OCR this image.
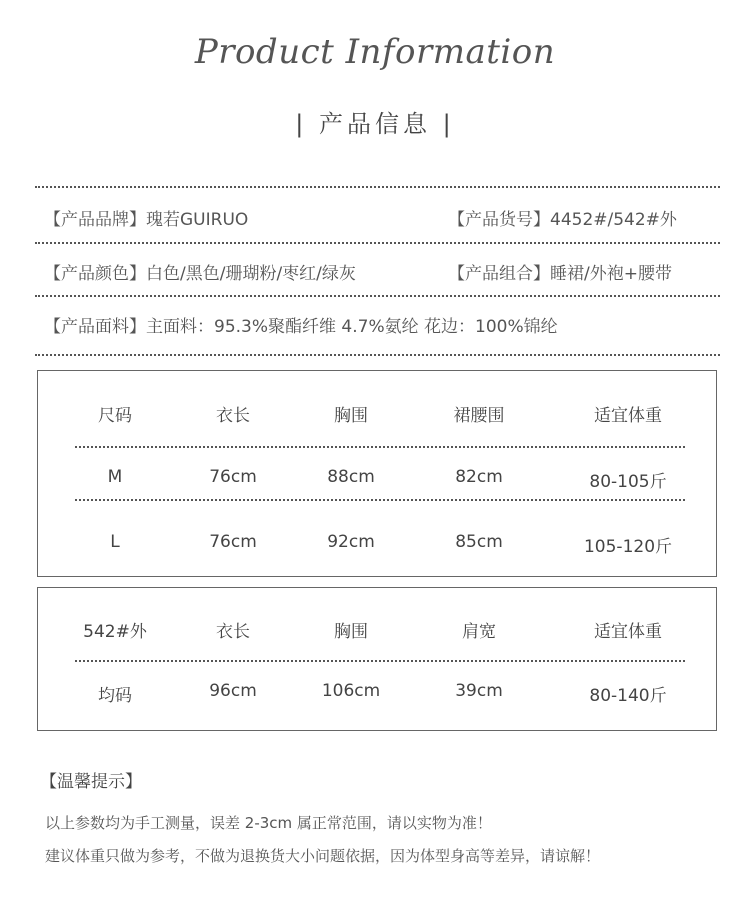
Product Information
| 产品信息 |
【产品品牌】瑰若GUIRUO	【产品货号】4452#/542#外
【产品颜色】白色/黑色/珊瑚粉/枣红/绿灰	【产品组合】睡裙/外袍+腰带
【产品面料】主面料：95.3%聚酯纤维 4.7%氨纶 花边：100%锦纶
尺码	衣长	胸围	裙腰围	适宜体重
M	76cm	88cm	82cm	80-105斤
L	76cm	92cm	85cm	105-120斤
542#外	衣长	胸围	肩宽	适宜体重
均码	96cm	106cm	39cm	80-140斤
【温馨提示】
以上参数均为手工测量，误差 2-3cm 属正常范围，请以实物为准！
建议体重只做为参考，不做为退换货大小问题依据，因为体型身高等差异，请谅解！
